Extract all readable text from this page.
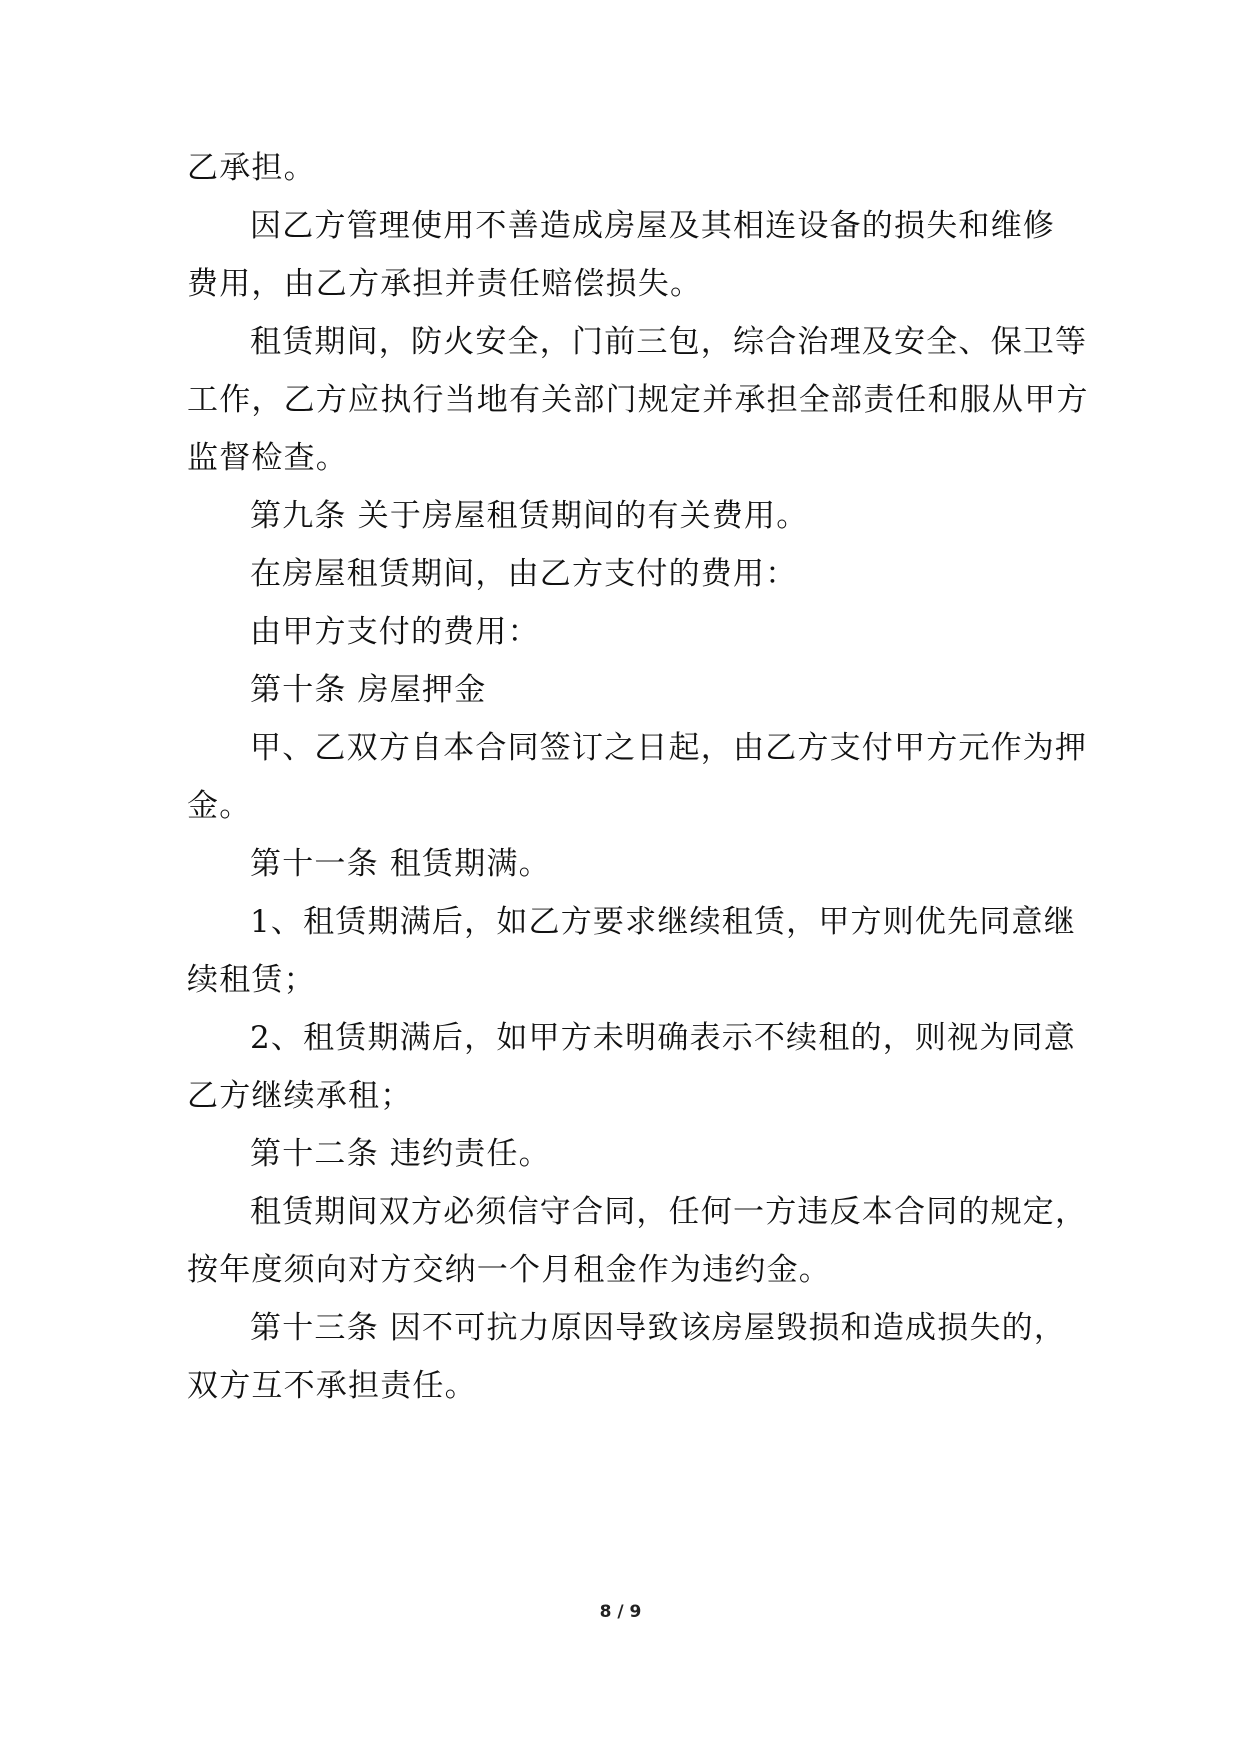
乙承担。
因乙方管理使用不善造成房屋及其相连设备的损失和维修
费用，由乙方承担并责任赔偿损失。
租赁期间，防火安全，门前三包，综合治理及安全、保卫等
工作，乙方应执行当地有关部门规定并承担全部责任和服从甲方
监督检查。
第九条 关于房屋租赁期间的有关费用。
在房屋租赁期间，由乙方支付的费用：
由甲方支付的费用：
第十条 房屋押金
甲、乙双方自本合同签订之日起，由乙方支付甲方元作为押
金。
第十一条 租赁期满。
1、租赁期满后，如乙方要求继续租赁，甲方则优先同意继
续租赁；
2、租赁期满后，如甲方未明确表示不续租的，则视为同意
乙方继续承租；
第十二条 违约责任。
租赁期间双方必须信守合同，任何一方违反本合同的规定，
按年度须向对方交纳一个月租金作为违约金。
第十三条 因不可抗力原因导致该房屋毁损和造成损失的，
双方互不承担责任。
8 / 9
